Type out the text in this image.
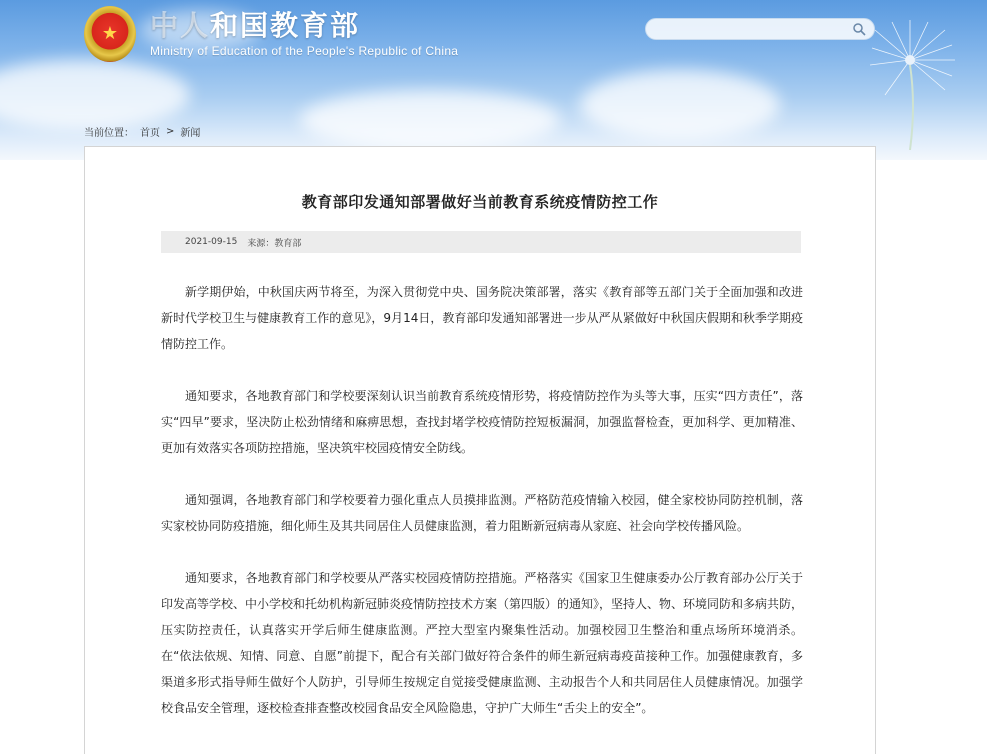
★ 中人和国教育部
Ministry of Education of the People's Republic of China
当前位置： 首页 > 新闻
教育部印发通知部署做好当前教育系统疫情防控工作
2021-09-15 来源：教育部

新学期伊始，中秋国庆两节将至，为深入贯彻党中央、国务院决策部署，落实《教育部等五部门关于全面加强和改进新时代学校卫生与健康教育工作的意见》，9月14日，教育部印发通知部署进一步从严从紧做好中秋国庆假期和秋季学期疫情防控工作。

通知要求，各地教育部门和学校要深刻认识当前教育系统疫情形势，将疫情防控作为头等大事，压实“四方责任”，落实“四早”要求，坚决防止松劲情绪和麻痹思想，查找封堵学校疫情防控短板漏洞，加强监督检查，更加科学、更加精准、更加有效落实各项防控措施，坚决筑牢校园疫情安全防线。

通知强调，各地教育部门和学校要着力强化重点人员摸排监测。严格防范疫情输入校园，健全家校协同防控机制，落实家校协同防疫措施，细化师生及其共同居住人员健康监测，着力阻断新冠病毒从家庭、社会向学校传播风险。

通知要求，各地教育部门和学校要从严落实校园疫情防控措施。严格落实《国家卫生健康委办公厅教育部办公厅关于印发高等学校、中小学校和托幼机构新冠肺炎疫情防控技术方案（第四版）的通知》，坚持人、物、环境同防和多病共防，压实防控责任，认真落实开学后师生健康监测。严控大型室内聚集性活动。加强校园卫生整治和重点场所环境消杀。在“依法依规、知情、同意、自愿”前提下，配合有关部门做好符合条件的师生新冠病毒疫苗接种工作。加强健康教育，多渠道多形式指导师生做好个人防护，引导师生按规定自觉接受健康监测、主动报告个人和共同居住人员健康情况。加强学校食品安全管理，逐校检查排查整改校园食品安全风险隐患，守护广大师生“舌尖上的安全”。
